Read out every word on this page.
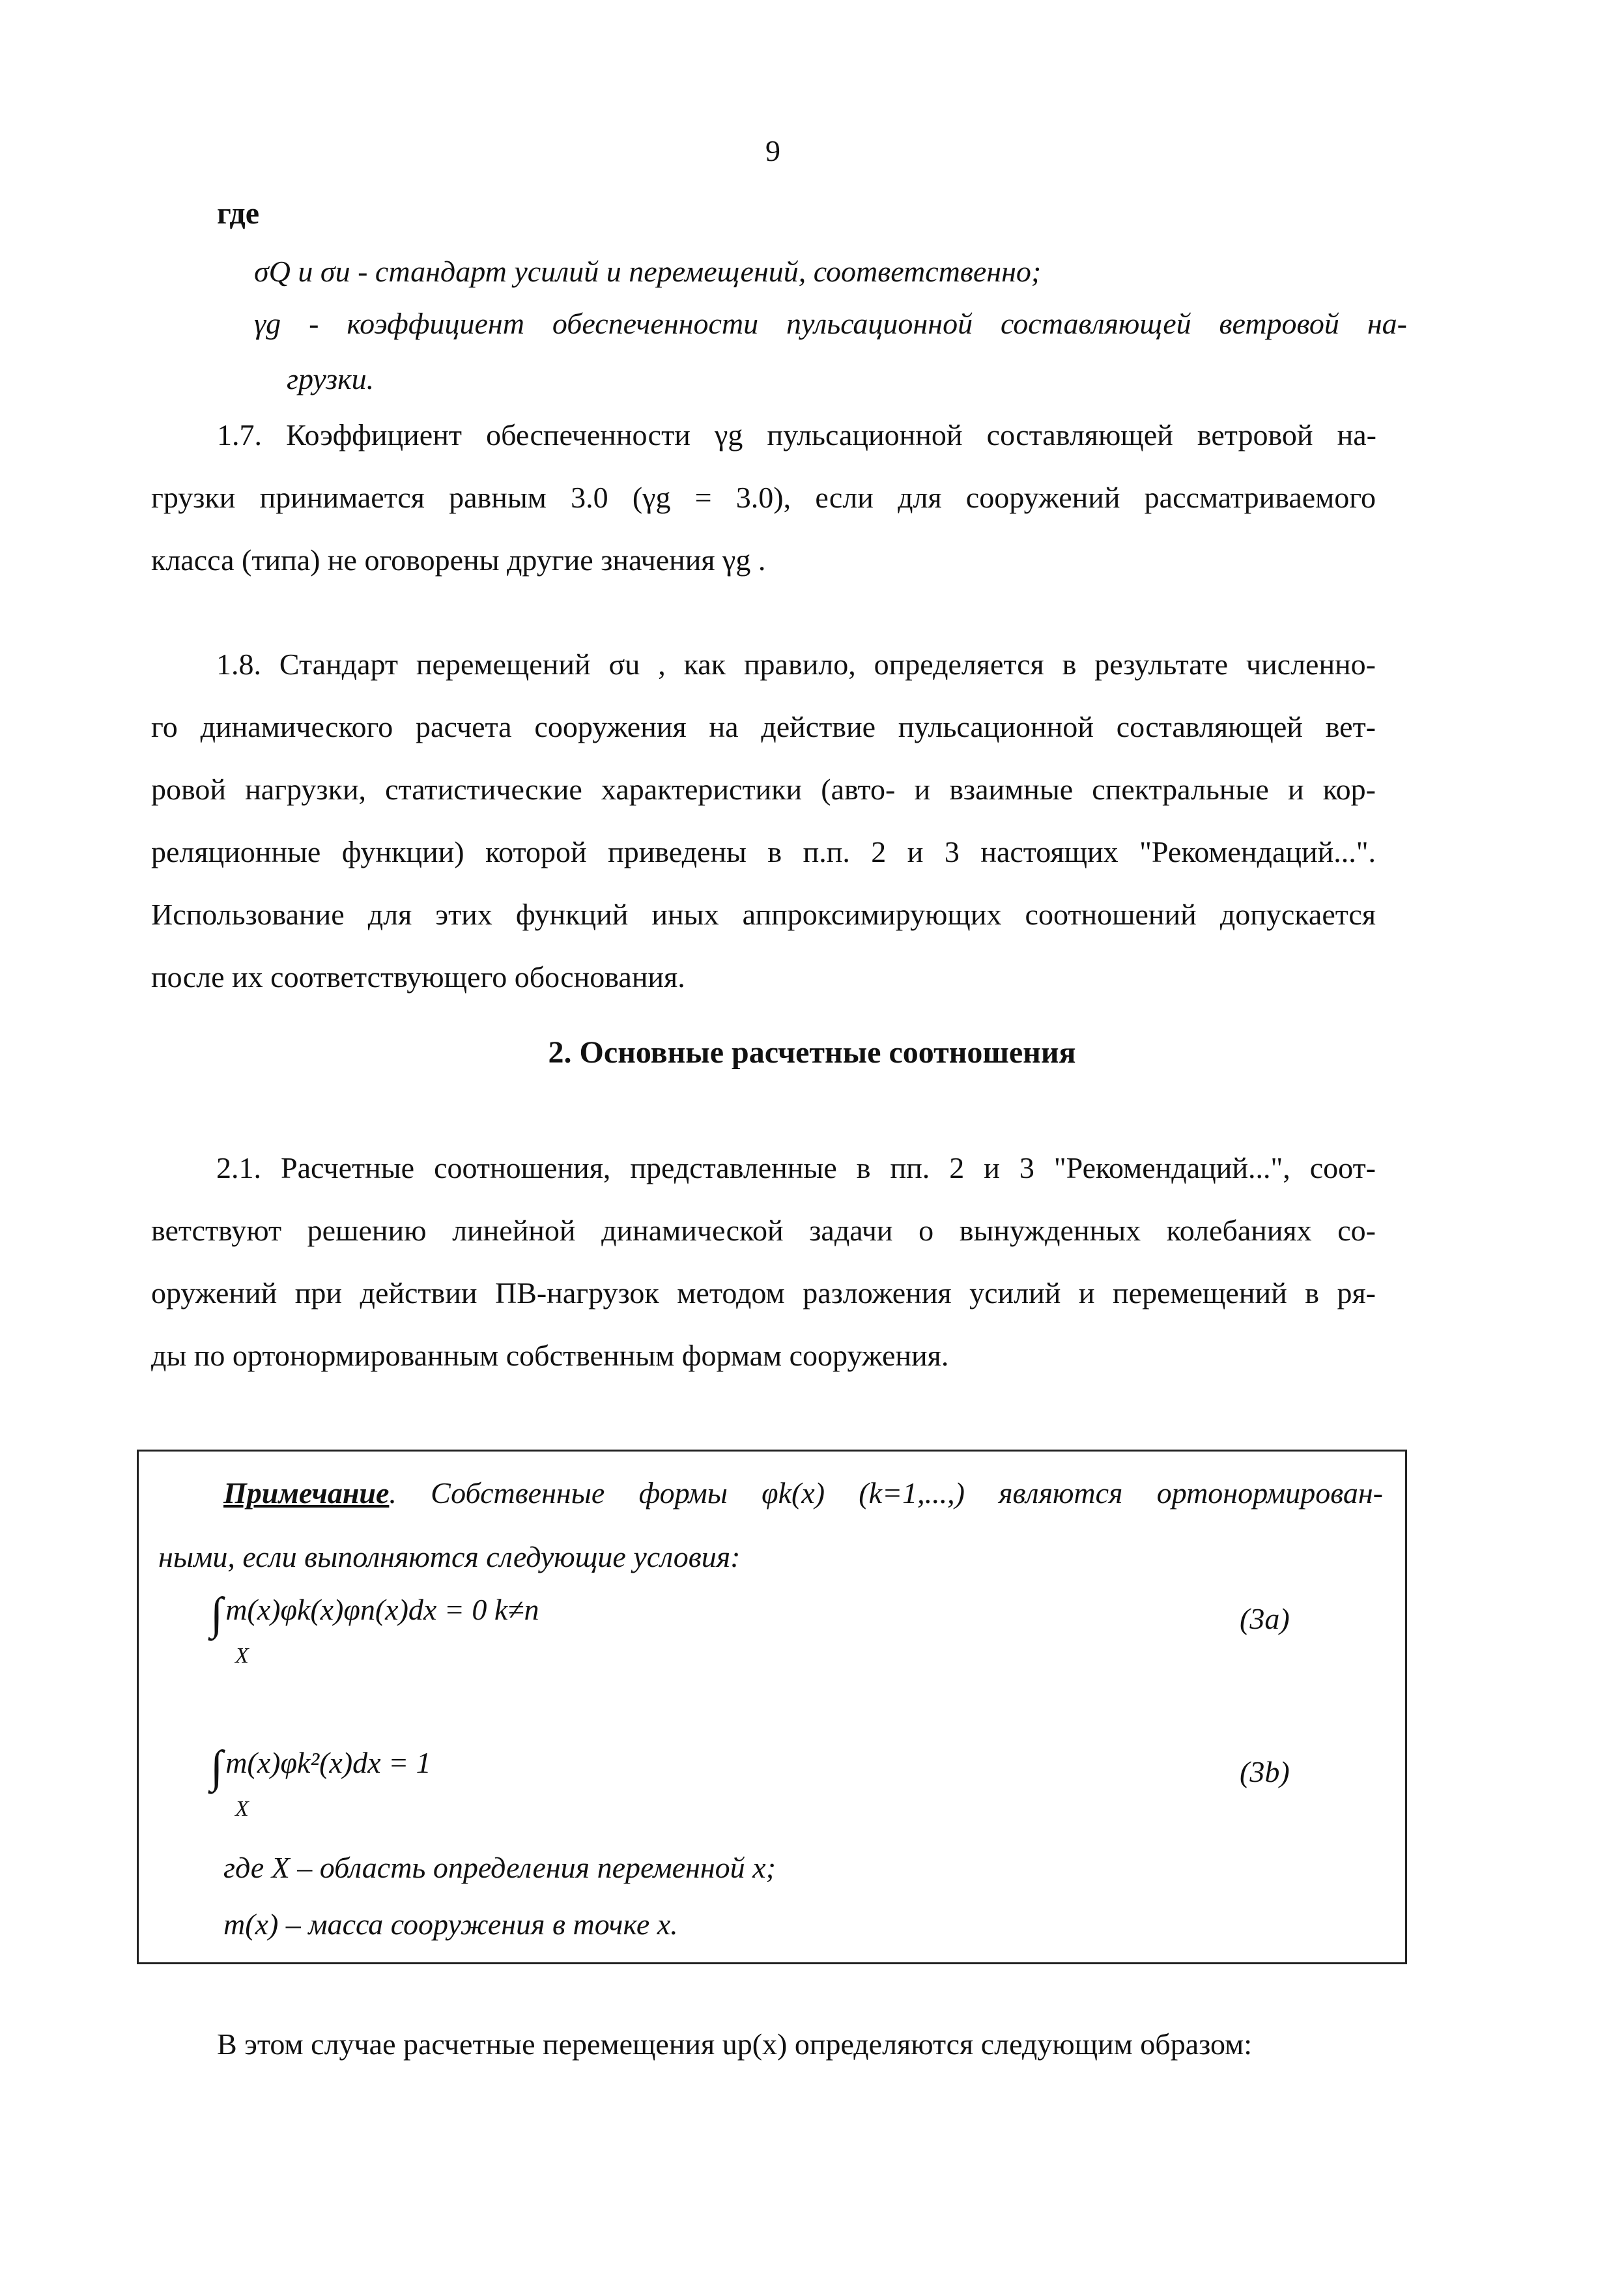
9
где
σQ и σu - стандарт усилий и перемещений, соответственно;
γg - коэффициент обеспеченности пульсационной составляющей ветровой на-
грузки.
1.7. Коэффициент обеспеченности γg пульсационной составляющей ветровой на-
грузки принимается равным 3.0 (γg = 3.0), если для сооружений рассматриваемого
класса (типа) не оговорены другие значения γg .
1.8. Стандарт перемещений σu , как правило, определяется в результате численно-
го динамического расчета сооружения на действие пульсационной составляющей вет-
ровой нагрузки, статистические характеристики (авто- и взаимные спектральные и кор-
реляционные функции) которой приведены в п.п. 2 и 3 настоящих "Рекомендаций...".
Использование для этих функций иных аппроксимирующих соотношений допускается
после их соответствующего обоснования.
2. Основные расчетные соотношения
2.1. Расчетные соотношения, представленные в пп. 2 и 3 "Рекомендаций...", соот-
ветствуют решению линейной динамической задачи о вынужденных колебаниях со-
оружений при действии ПВ-нагрузок методом разложения усилий и перемещений в ря-
ды по ортонормированным собственным формам сооружения.
Примечание. Собственные формы φk(x) (k=1,...,) являются ортонормирован-
ными, если выполняются следующие условия:
∫ m(x)φk(x)φn(x)dx = 0 k≠n
X
(3a)
∫ m(x)φk²(x)dx = 1
X
(3b)
где X – область определения переменной x;
m(x) – масса сооружения в точке x.
В этом случае расчетные перемещения up(x) определяются следующим образом:
